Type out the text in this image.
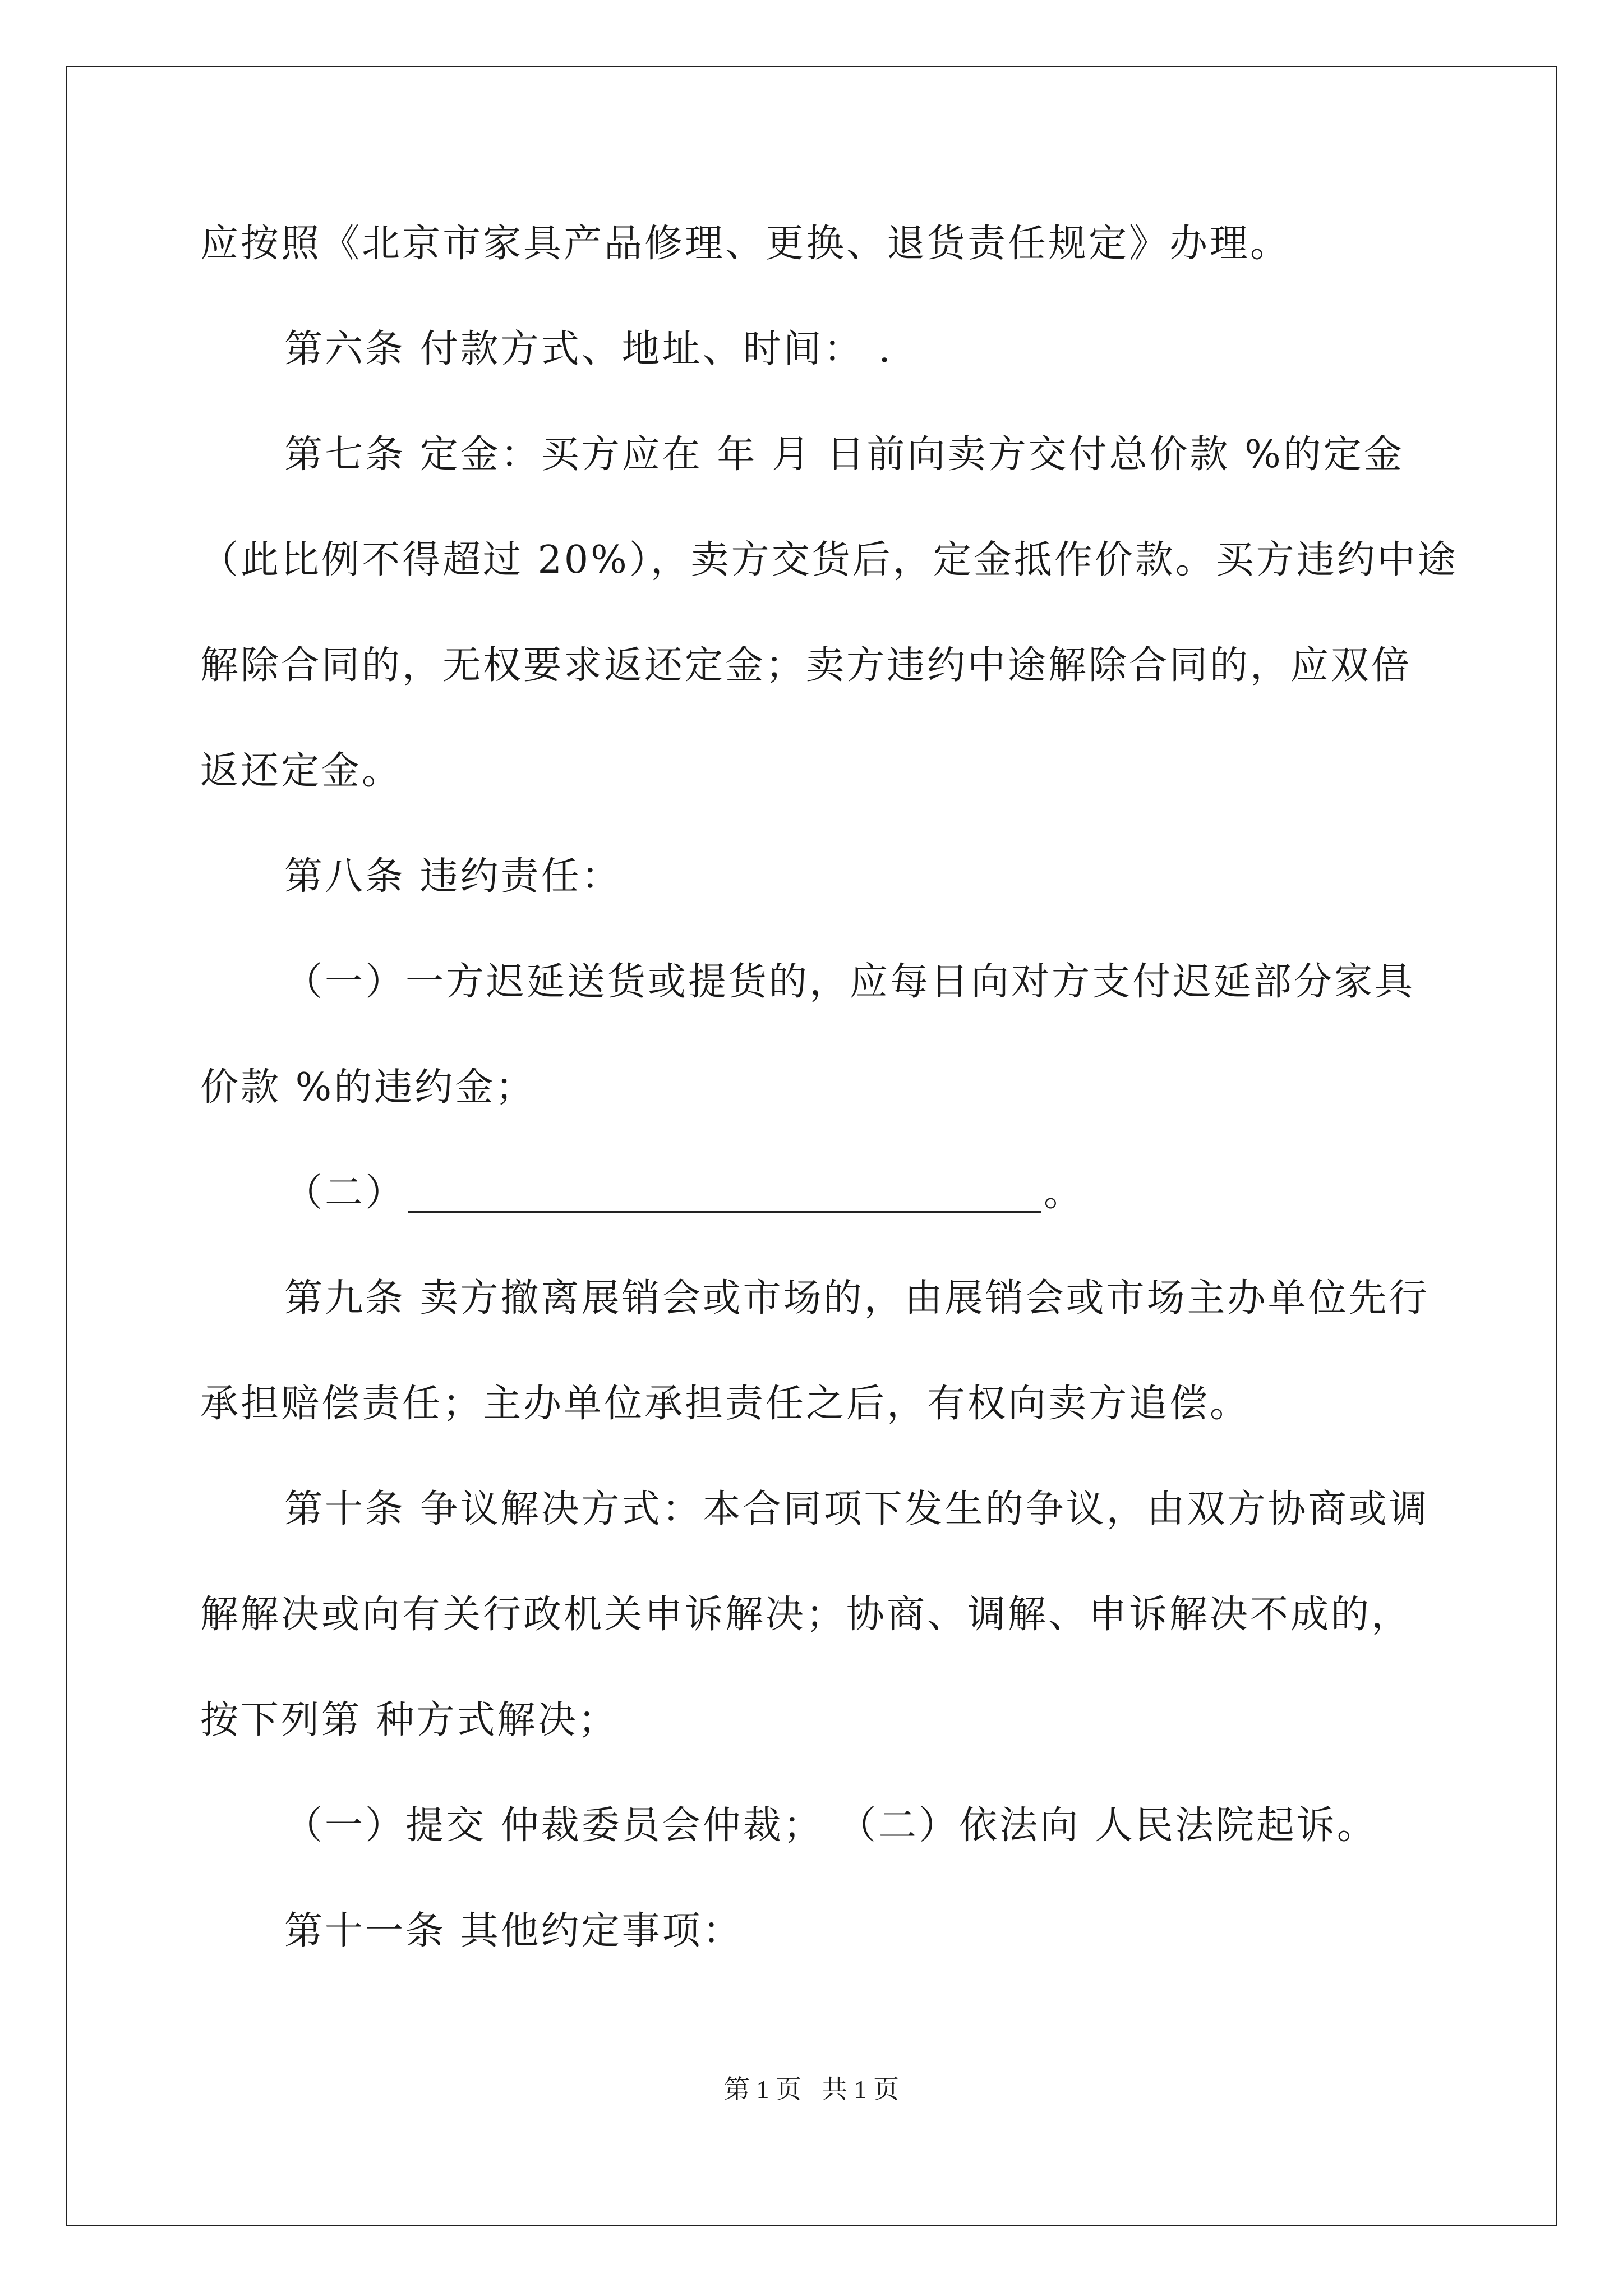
应按照《北京市家具产品修理、更换、退货责任规定》办理。
第六条 付款方式、地址、时间： .
第七条 定金：买方应在 年 月 日前向卖方交付总价款 %的定金
（此比例不得超过 20%），卖方交货后，定金抵作价款。买方违约中途
解除合同的，无权要求返还定金；卖方违约中途解除合同的，应双倍
返还定金。
第八条 违约责任：
（一）一方迟延送货或提货的，应每日向对方支付迟延部分家具
价款 %的违约金；
（二）	。
第九条 卖方撤离展销会或市场的，由展销会或市场主办单位先行
承担赔偿责任；主办单位承担责任之后，有权向卖方追偿。
第十条 争议解决方式：本合同项下发生的争议，由双方协商或调
解解决或向有关行政机关申诉解决；协商、调解、申诉解决不成的，
按下列第 种方式解决；
（一）提交 仲裁委员会仲裁； （二）依法向 人民法院起诉。
第十一条 其他约定事项：
第 1 页 共 1 页
